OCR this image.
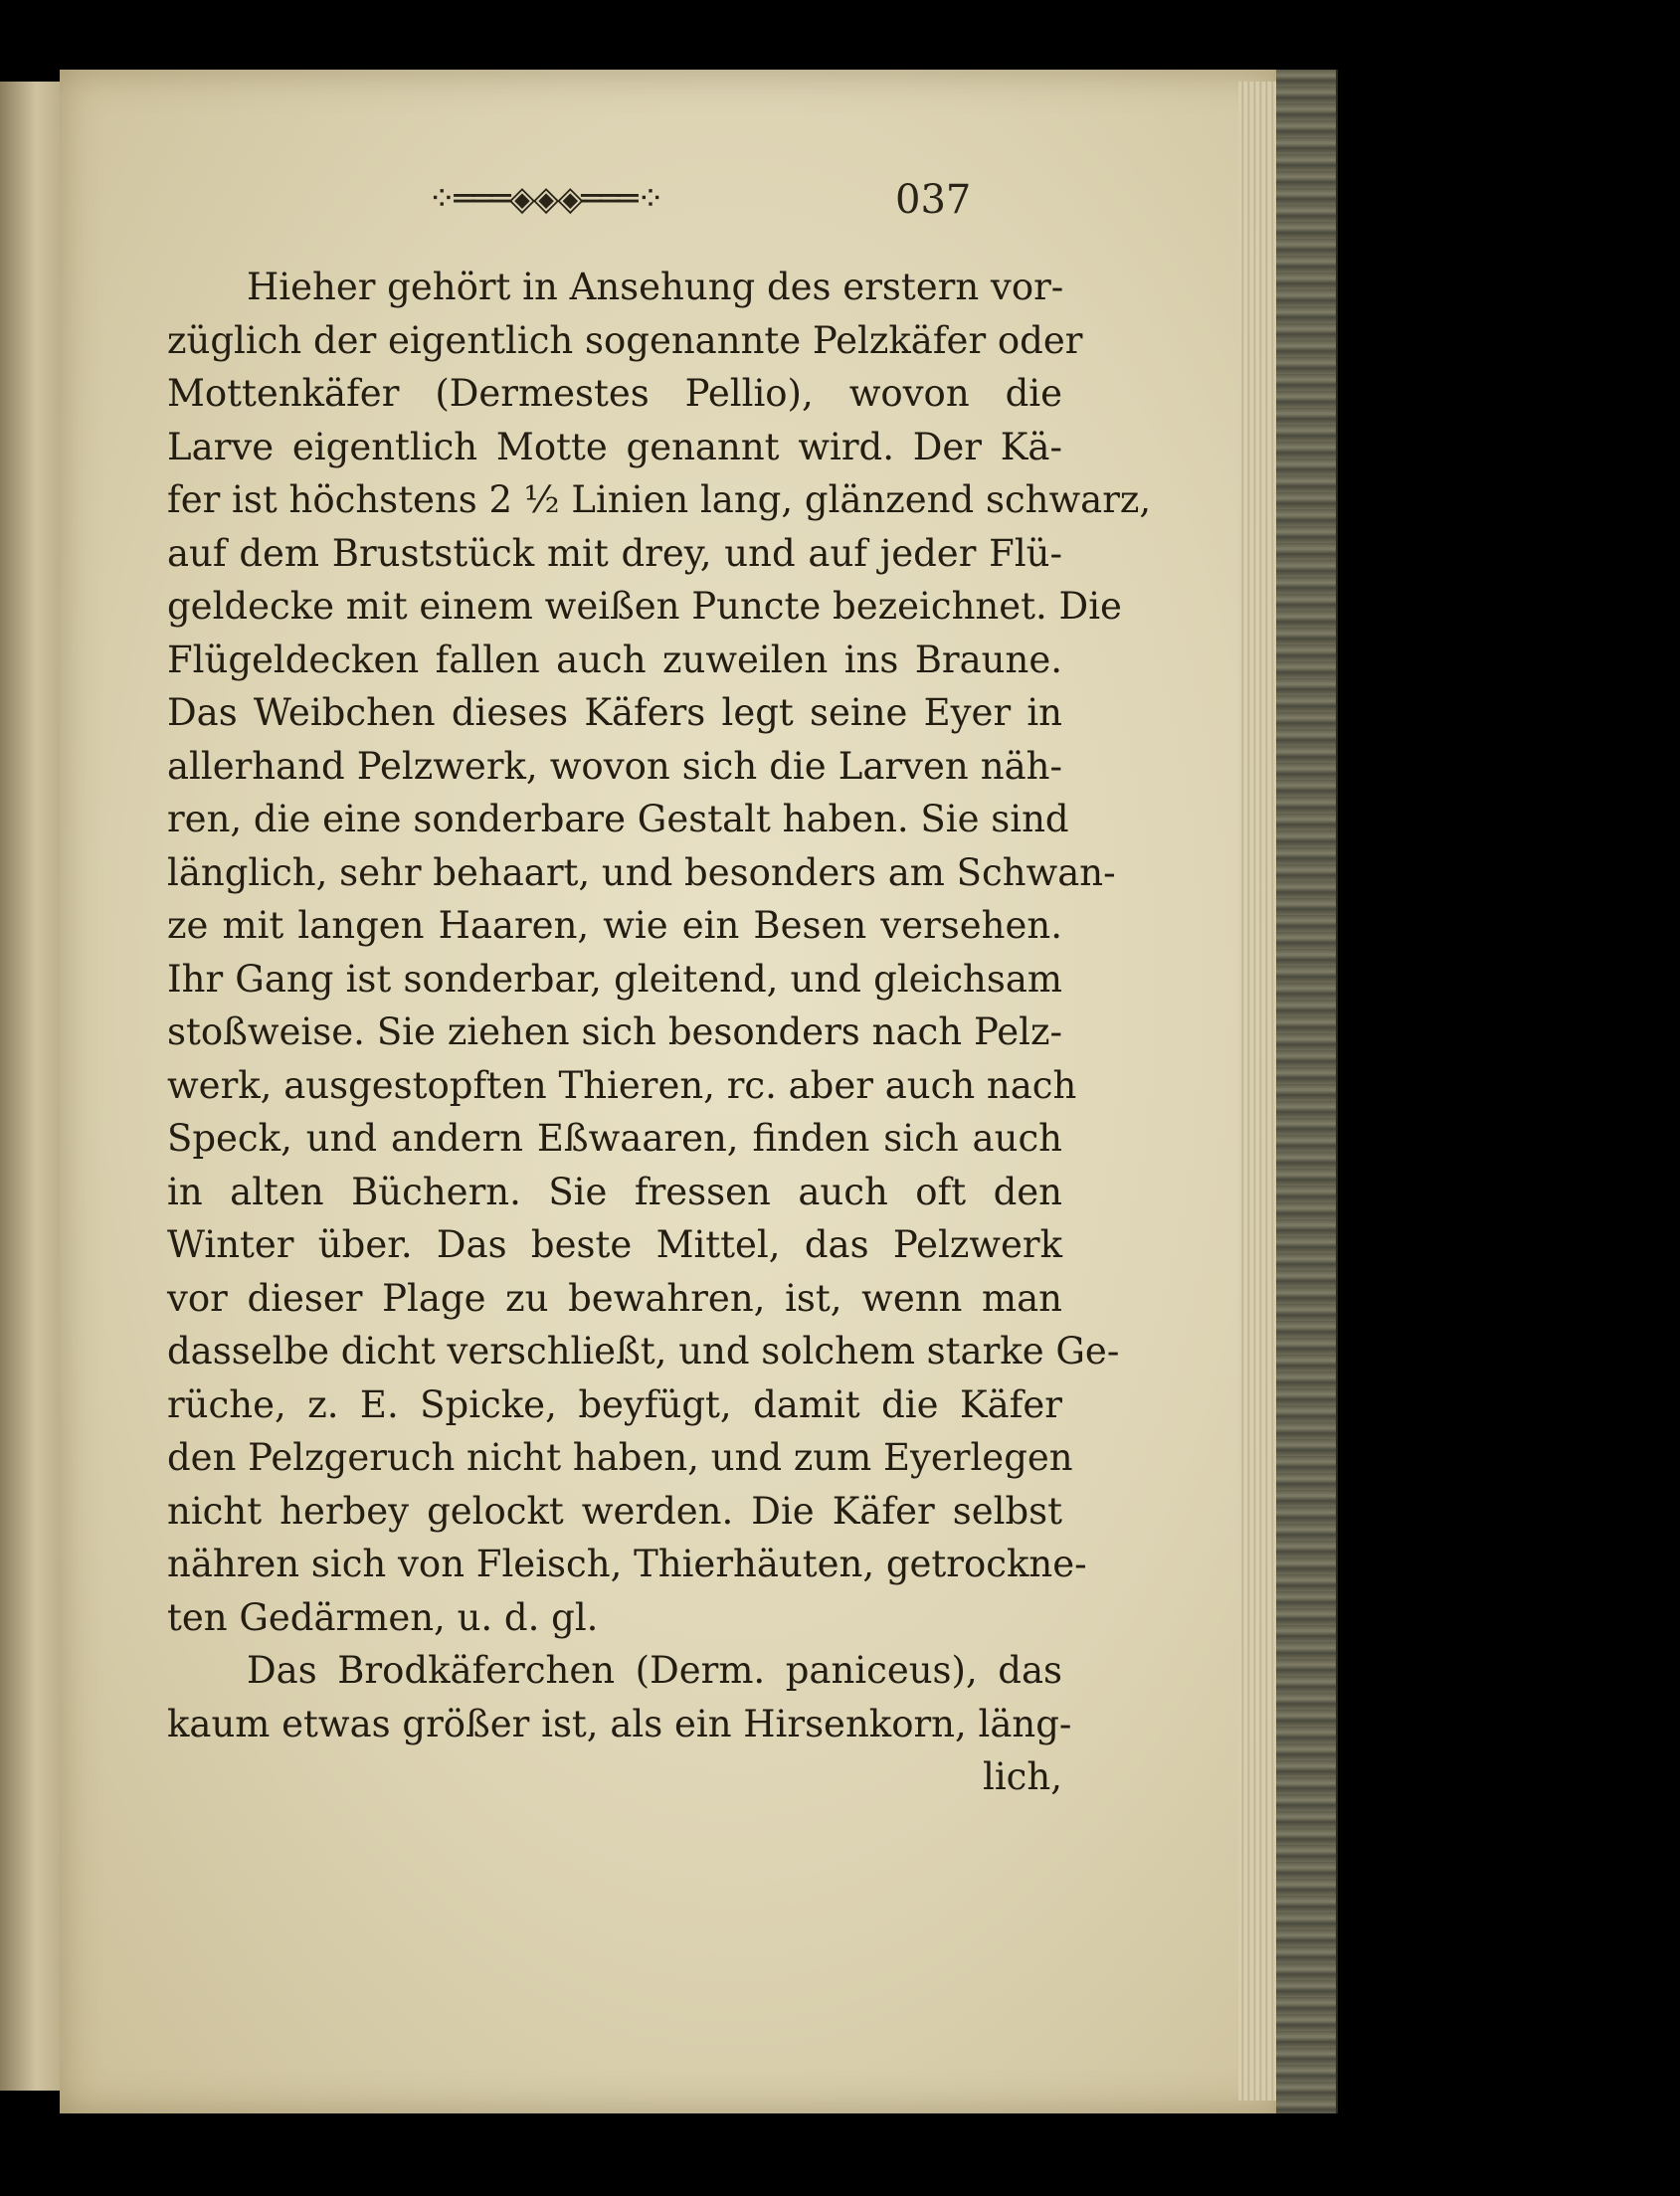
⁘═══◈◈◈═══⁘	037
Hieher gehört in Ansehung des erstern vor-
züglich der eigentlich sogenannte Pelzkäfer oder
Mottenkäfer (Dermestes Pellio), wovon die
Larve eigentlich Motte genannt wird. Der Kä-
fer ist höchstens 2 ½ Linien lang, glänzend schwarz,
auf dem Bruststück mit drey, und auf jeder Flü-
geldecke mit einem weißen Puncte bezeichnet. Die
Flügeldecken fallen auch zuweilen ins Braune.
Das Weibchen dieses Käfers legt seine Eyer in
allerhand Pelzwerk, wovon sich die Larven näh-
ren, die eine sonderbare Gestalt haben. Sie sind
länglich, sehr behaart, und besonders am Schwan-
ze mit langen Haaren, wie ein Besen versehen.
Ihr Gang ist sonderbar, gleitend, und gleichsam
stoßweise. Sie ziehen sich besonders nach Pelz-
werk, ausgestopften Thieren, rc. aber auch nach
Speck, und andern Eßwaaren, finden sich auch
in alten Büchern. Sie fressen auch oft den
Winter über. Das beste Mittel, das Pelzwerk
vor dieser Plage zu bewahren, ist, wenn man
dasselbe dicht verschließt, und solchem starke Ge-
rüche, z. E. Spicke, beyfügt, damit die Käfer
den Pelzgeruch nicht haben, und zum Eyerlegen
nicht herbey gelockt werden. Die Käfer selbst
nähren sich von Fleisch, Thierhäuten, getrockne-
ten Gedärmen, u. d. gl.
Das Brodkäferchen (Derm. paniceus), das
kaum etwas größer ist, als ein Hirsenkorn, läng-
lich,
